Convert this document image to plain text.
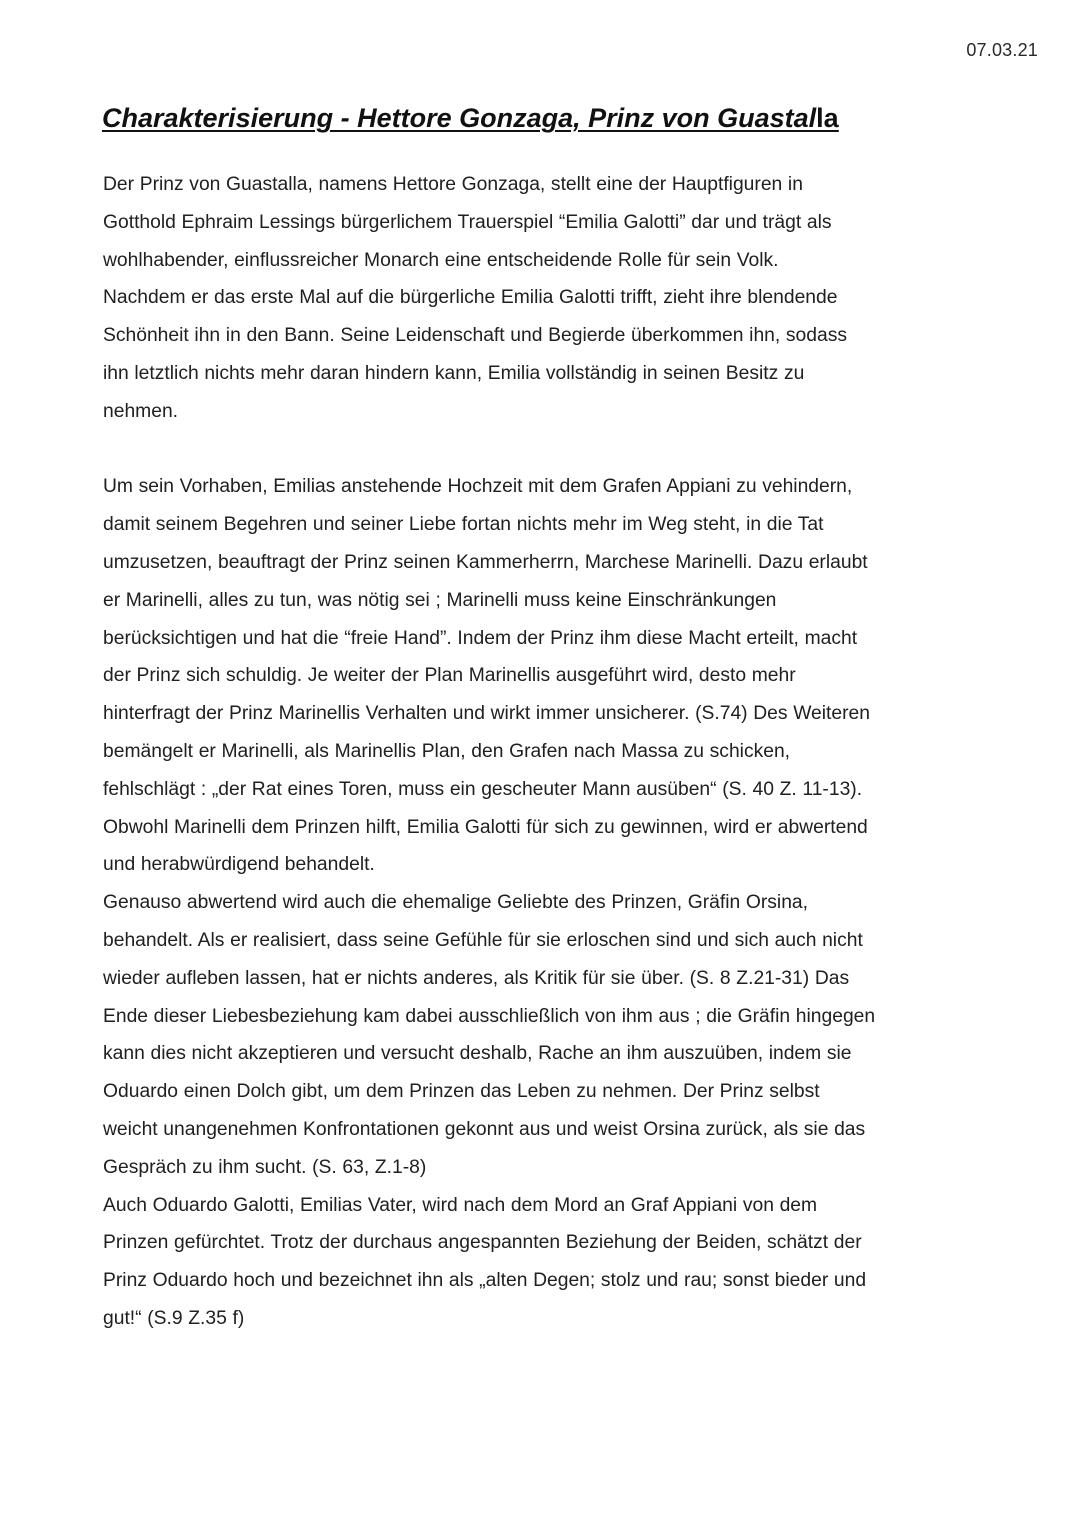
07.03.21
Charakterisierung - Hettore Gonzaga, Prinz von Guastalla

Der Prinz von Guastalla, namens Hettore Gonzaga, stellt eine der Hauptfiguren in
Gotthold Ephraim Lessings bürgerlichem Trauerspiel “Emilia Galotti” dar und trägt als
wohlhabender, einflussreicher Monarch eine entscheidende Rolle für sein Volk.

Nachdem er das erste Mal auf die bürgerliche Emilia Galotti trifft, zieht ihre blendende
Schönheit ihn in den Bann. Seine Leidenschaft und Begierde überkommen ihn, sodass
ihn letztlich nichts mehr daran hindern kann, Emilia vollständig in seinen Besitz zu
nehmen.

Um sein Vorhaben, Emilias anstehende Hochzeit mit dem Grafen Appiani zu vehindern,
damit seinem Begehren und seiner Liebe fortan nichts mehr im Weg steht, in die Tat
umzusetzen, beauftragt der Prinz seinen Kammerherrn, Marchese Marinelli. Dazu erlaubt
er Marinelli, alles zu tun, was nötig sei ; Marinelli muss keine Einschränkungen
berücksichtigen und hat die “freie Hand”. Indem der Prinz ihm diese Macht erteilt, macht
der Prinz sich schuldig. Je weiter der Plan Marinellis ausgeführt wird, desto mehr
hinterfragt der Prinz Marinellis Verhalten und wirkt immer unsicherer. (S.74) Des Weiteren
bemängelt er Marinelli, als Marinellis Plan, den Grafen nach Massa zu schicken,
fehlschlägt : „der Rat eines Toren, muss ein gescheuter Mann ausüben“ (S. 40 Z. 11-13).
Obwohl Marinelli dem Prinzen hilft, Emilia Galotti für sich zu gewinnen, wird er abwertend
und herabwürdigend behandelt.

Genauso abwertend wird auch die ehemalige Geliebte des Prinzen, Gräfin Orsina,
behandelt. Als er realisiert, dass seine Gefühle für sie erloschen sind und sich auch nicht
wieder aufleben lassen, hat er nichts anderes, als Kritik für sie über. (S. 8 Z.21-31) Das
Ende dieser Liebesbeziehung kam dabei ausschließlich von ihm aus ; die Gräfin hingegen
kann dies nicht akzeptieren und versucht deshalb, Rache an ihm auszuüben, indem sie
Oduardo einen Dolch gibt, um dem Prinzen das Leben zu nehmen. Der Prinz selbst
weicht unangenehmen Konfrontationen gekonnt aus und weist Orsina zurück, als sie das
Gespräch zu ihm sucht. (S. 63, Z.1-8)

Auch Oduardo Galotti, Emilias Vater, wird nach dem Mord an Graf Appiani von dem
Prinzen gefürchtet. Trotz der durchaus angespannten Beziehung der Beiden, schätzt der
Prinz Oduardo hoch und bezeichnet ihn als „alten Degen; stolz und rau; sonst bieder und
gut!“ (S.9 Z.35 f)
